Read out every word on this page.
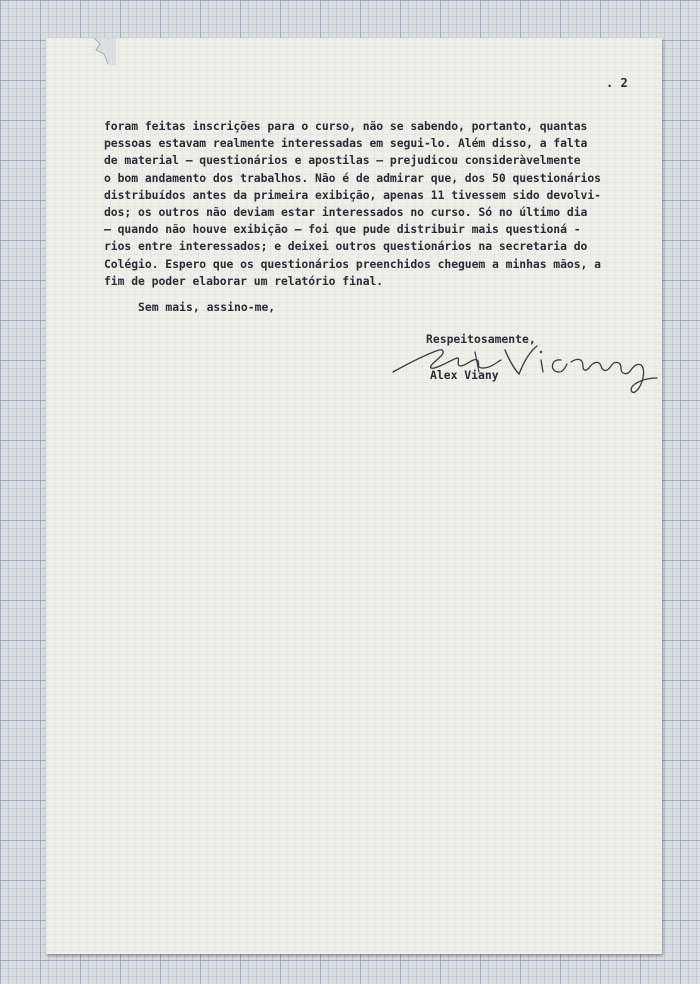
. 2
foram feitas inscrições para o curso, não se sabendo, portanto, quantas
pessoas estavam realmente interessadas em segui-lo. Além disso, a falta
de material — questionários e apostilas — prejudicou consideràvelmente
o bom andamento dos trabalhos. Não é de admirar que, dos 50 questionários
distribuídos antes da primeira exibição, apenas 11 tivessem sido devolvi-
dos; os outros não deviam estar interessados no curso. Só no último dia
— quando não houve exibição — foi que pude distribuir mais questioná -
rios entre interessados; e deixei outros questionários na secretaria do
Colégio. Espero que os questionários preenchidos cheguem a minhas mãos, a
fim de poder elaborar um relatório final.
Sem mais, assino-me,
Respeitosamente,
Alex Viany
